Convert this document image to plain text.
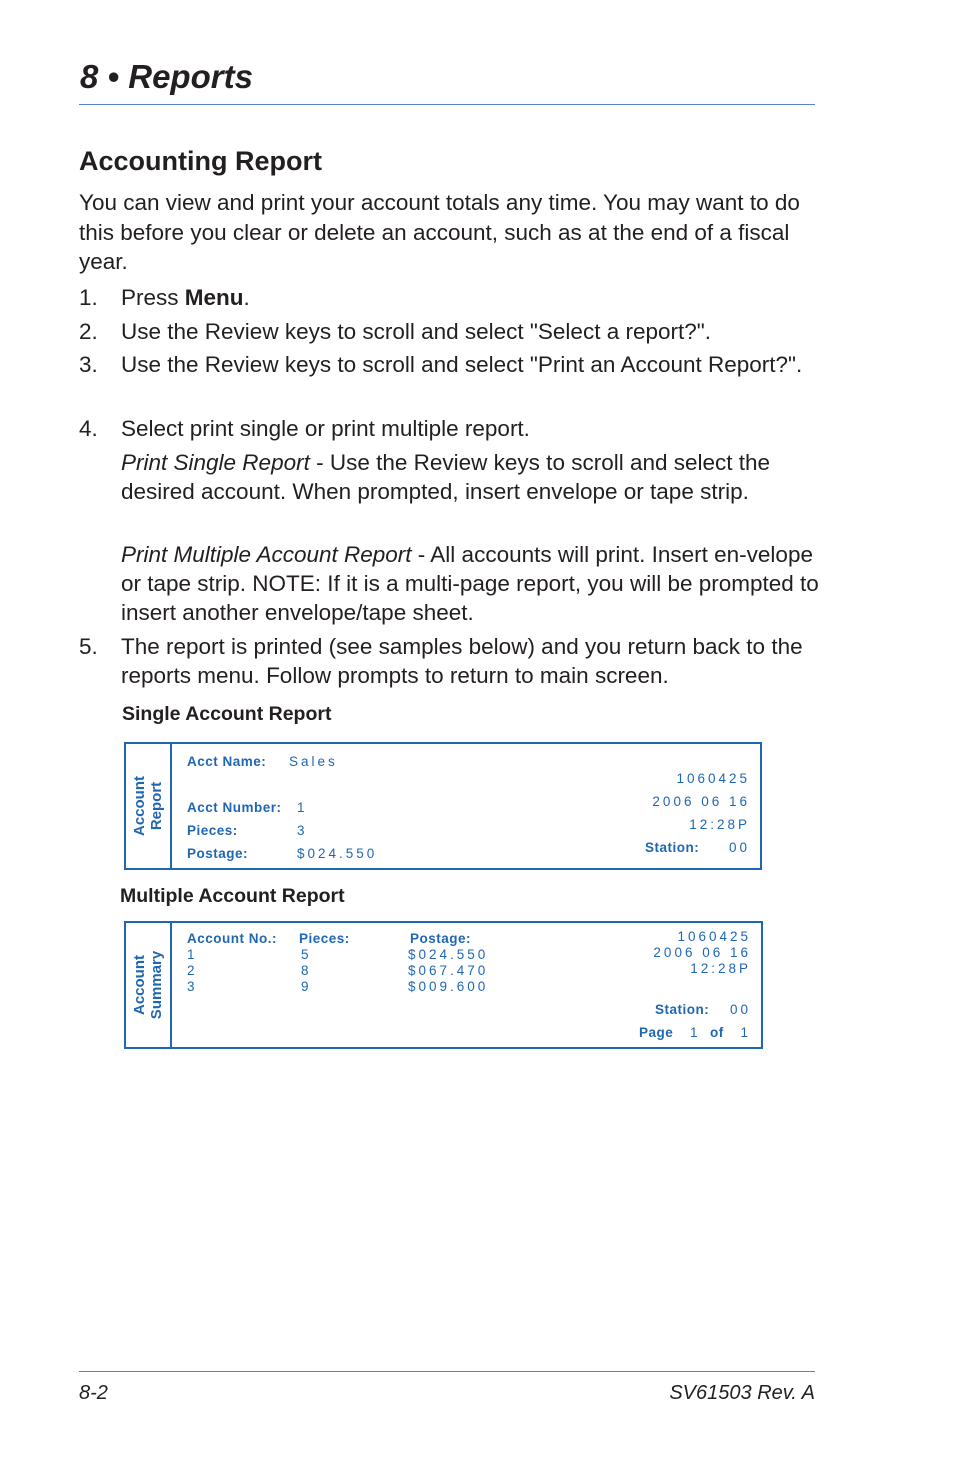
8 • Reports
Accounting Report

You can view and print your account totals any time. You may want to do this before you clear or delete an account, such as at the end of a fiscal year.

1. Press Menu.
2. Use the Review keys to scroll and select "Select a report?".
3. Use the Review keys to scroll and select "Print an Account Report?".
4. Select print single or print multiple report.
Print Single Report - Use the Review keys to scroll and select the desired account. When prompted, insert envelope or tape strip.
Print Multiple Account Report - All accounts will print. Insert en-velope or tape strip. NOTE: If it is a multi-page report, you will be prompted to insert another envelope/tape sheet.
5. The report is printed (see samples below) and you return back to the reports menu. Follow prompts to return to main screen.
Single Account Report
Account Report
Acct Name: Sales
Acct Number: 1
Pieces:	3
Postage:	$024.550
1060425
2006 06 16
12:28P
Station: 00
Multiple Account Report
Account Summary
Account No.: Pieces:	Postage:
1	5	$024.550
2	8	$067.470
3	9	$009.600
1060425
2006 06 16
12:28P
Station: 00
Page 1 of 1
8-2	SV61503 Rev. A
